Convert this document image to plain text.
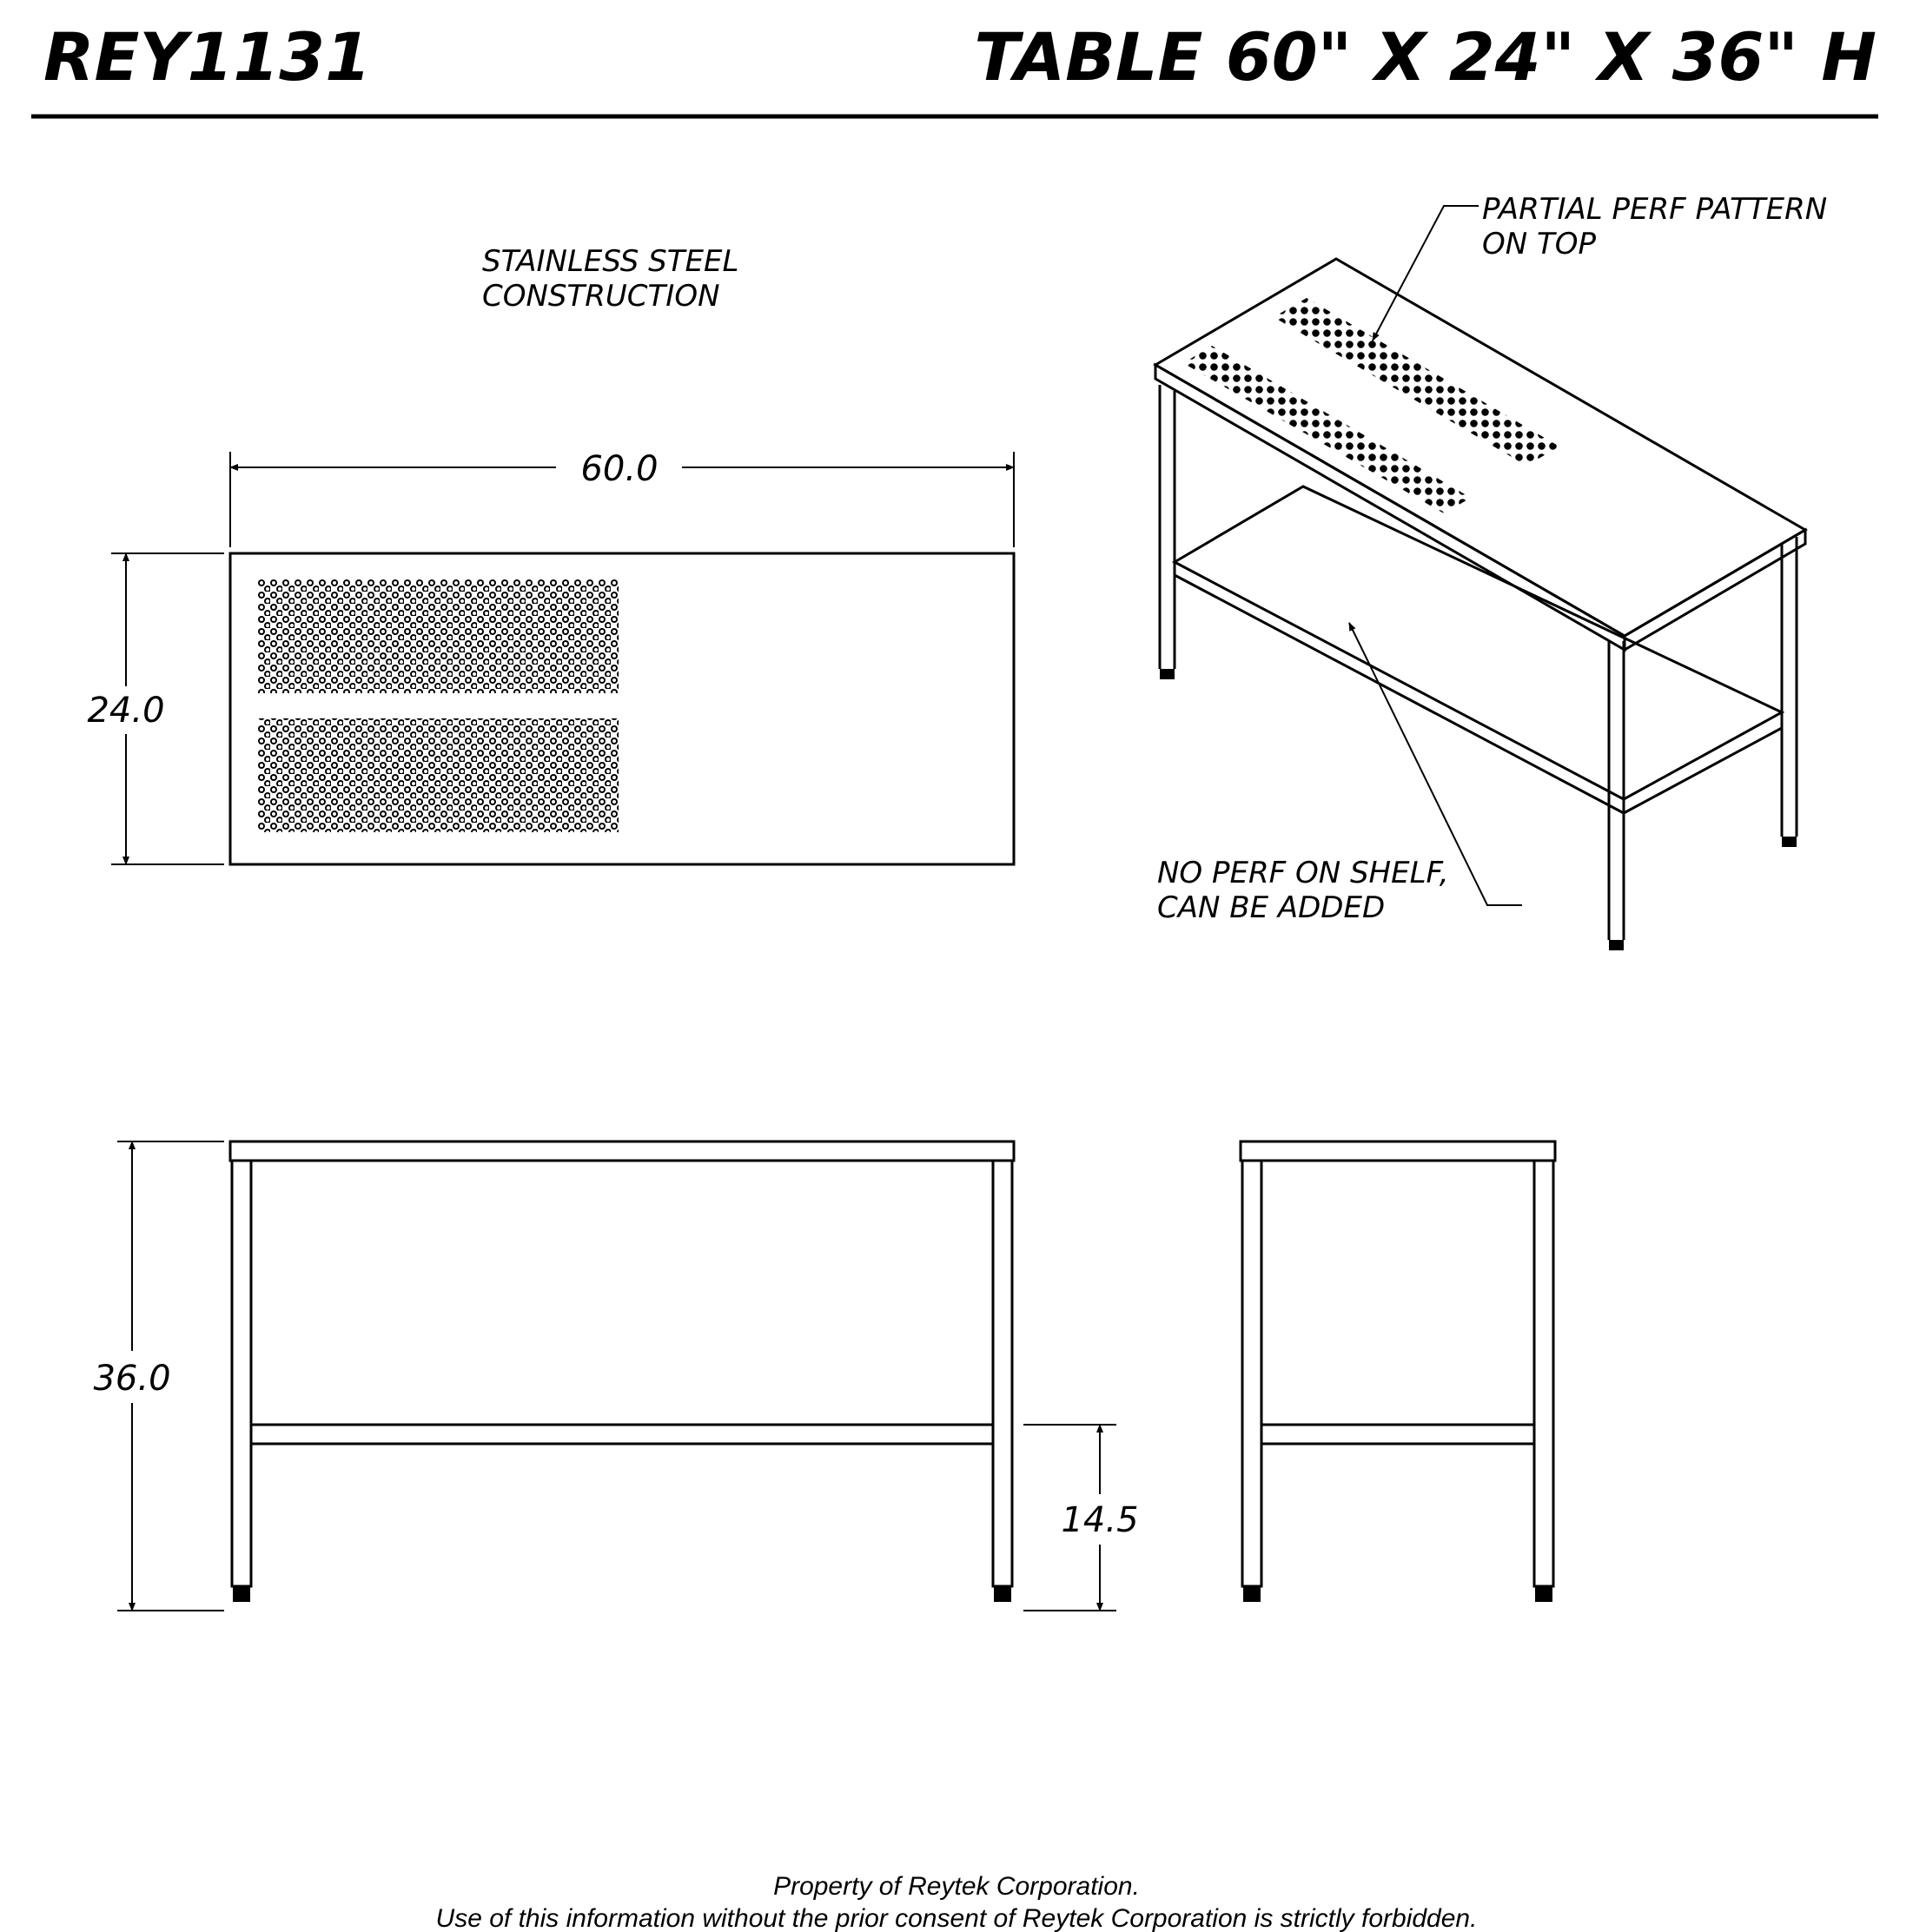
REY1131	TABLE 60" X 24" X 36" H
STAINLESS STEEL
CONSTRUCTION
PARTIAL PERF PATTERN
ON TOP
NO PERF ON SHELF,
CAN BE ADDED
60.0
24.0
36.0
14.5
Property of Reytek Corporation.
Use of this information without the prior consent of Reytek Corporation is strictly forbidden.
